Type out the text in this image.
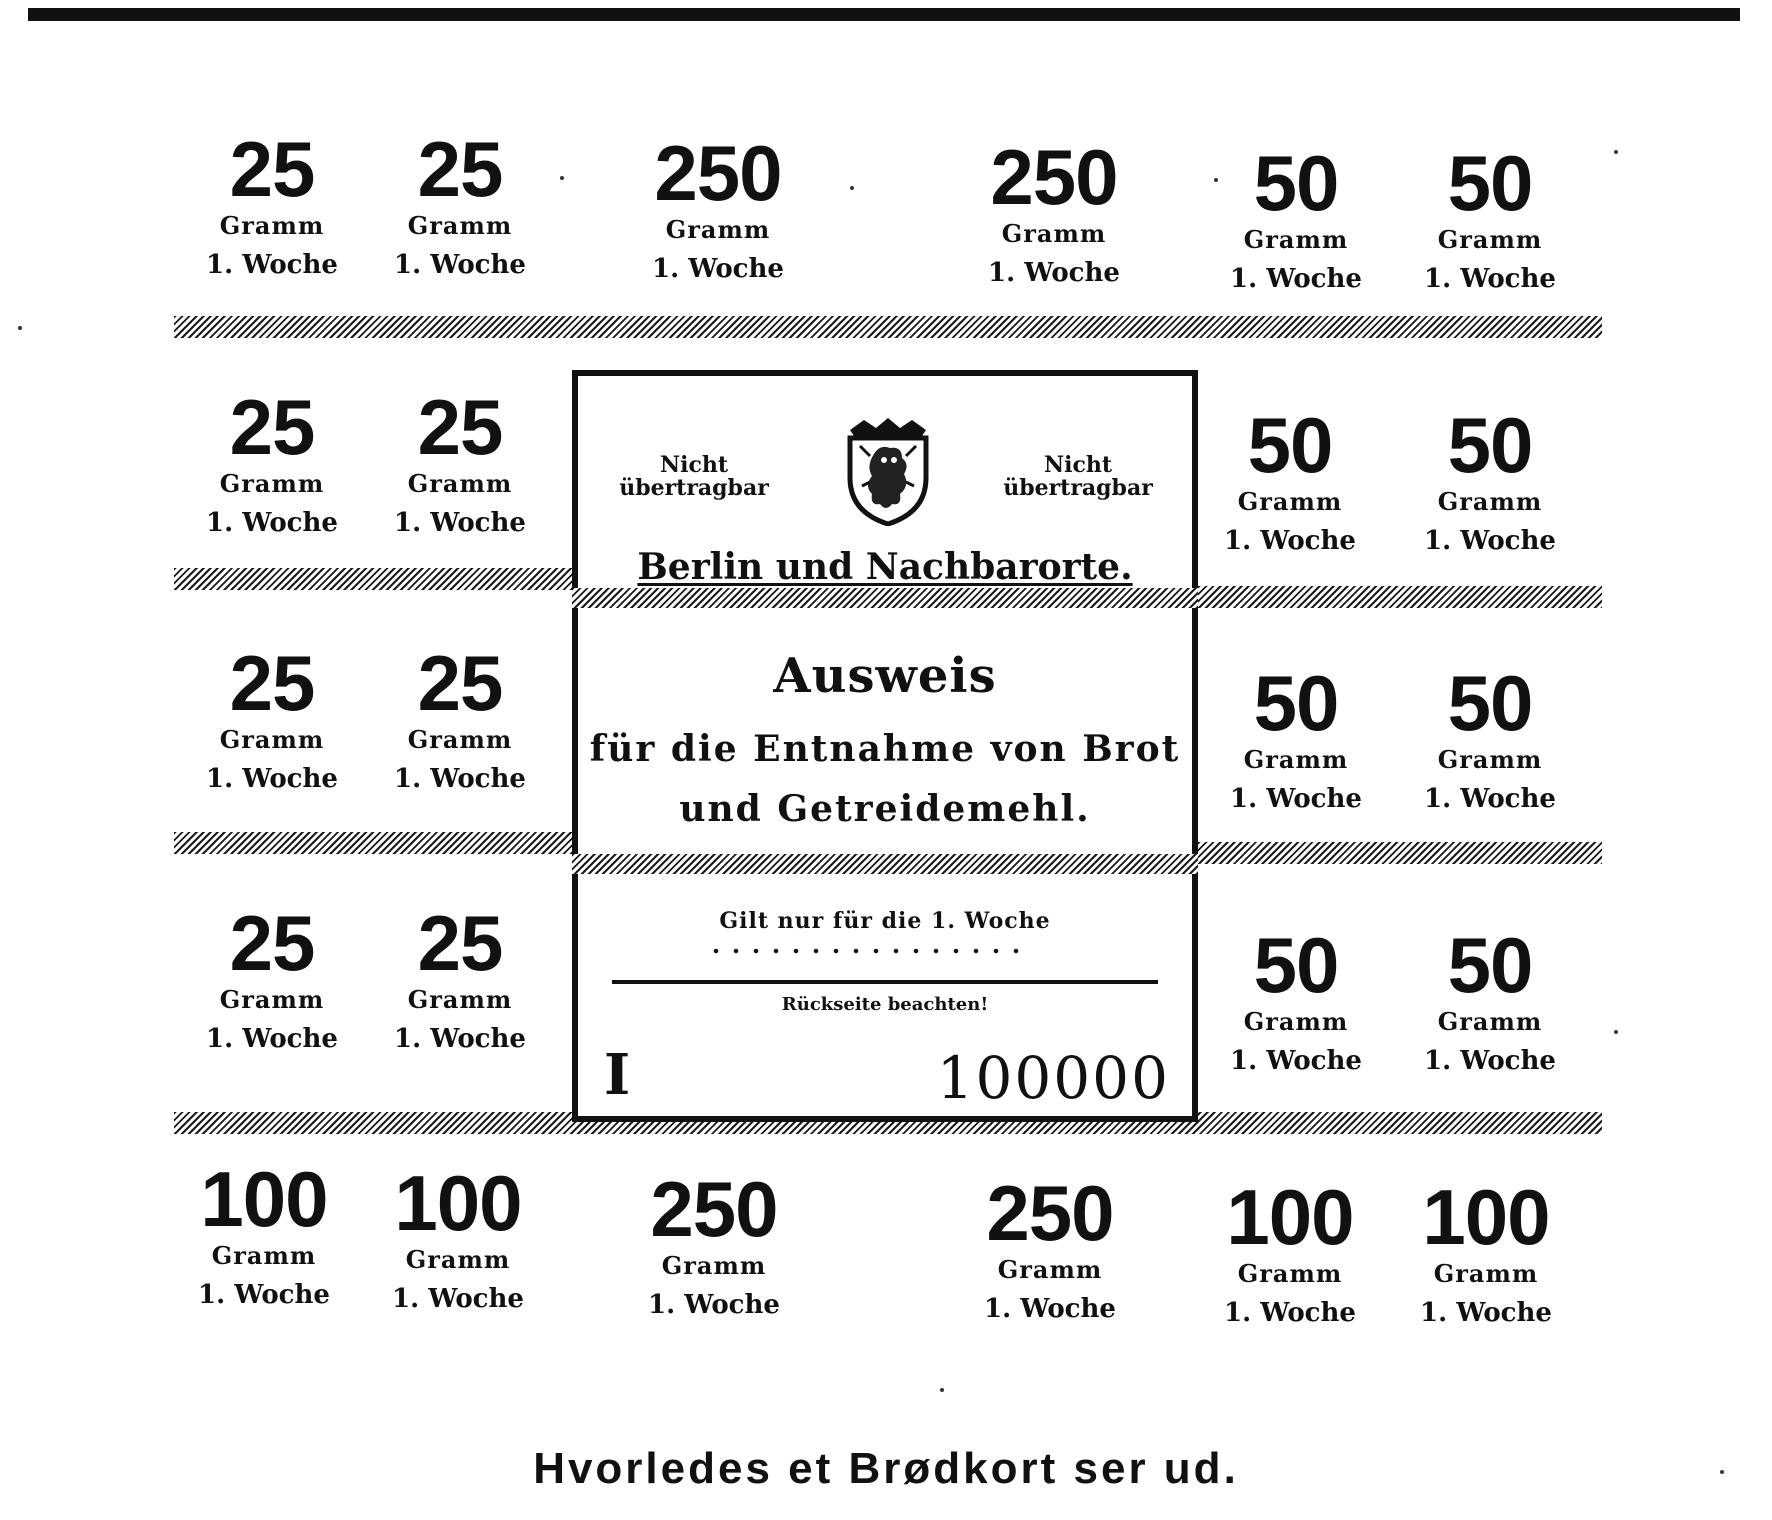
25
Gramm
1. Woche
25
Gramm
1. Woche
250
Gramm
1. Woche
250
Gramm
1. Woche
50
Gramm
1. Woche
50
Gramm
1. Woche
25
Gramm
1. Woche
25
Gramm
1. Woche
50
Gramm
1. Woche
50
Gramm
1. Woche
25
Gramm
1. Woche
25
Gramm
1. Woche
50
Gramm
1. Woche
50
Gramm
1. Woche
25
Gramm
1. Woche
25
Gramm
1. Woche
50
Gramm
1. Woche
50
Gramm
1. Woche
100
Gramm
1. Woche
100
Gramm
1. Woche
250
Gramm
1. Woche
250
Gramm
1. Woche
100
Gramm
1. Woche
100
Gramm
1. Woche
Nicht
übertragbar
Nicht
übertragbar
Berlin und Nachbarorte.
Ausweis
für die Entnahme von Brot
und Getreidemehl.
Gilt nur für die 1. Woche
Rückseite beachten!
I	100000
Hvorledes et Brødkort ser ud.
